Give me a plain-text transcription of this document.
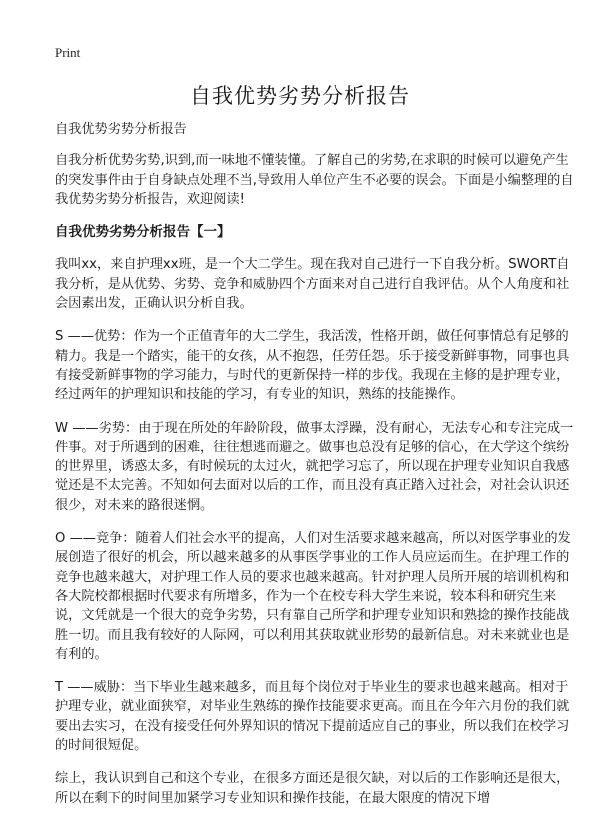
Print
自我优势劣势分析报告

自我优势劣势分析报告

自我分析优势劣势,识到,而一味地不懂装懂。了解自己的劣势,在求职的时候可以避免产生的突发事件由于自身缺点处理不当,导致用人单位产生不必要的误会。下面是小编整理的自我优势劣势分析报告，欢迎阅读!

自我优势劣势分析报告【一】

我叫xx，来自护理xx班，是一个大二学生。现在我对自己进行一下自我分析。SWORT自我分析，是从优势、劣势、竞争和威胁四个方面来对自己进行自我评估。从个人角度和社会因素出发，正确认识分析自我。

S ——优势：作为一个正值青年的大二学生，我活泼，性格开朗，做任何事情总有足够的精力。我是一个踏实，能干的女孩，从不抱怨，任劳任怨。乐于接受新鲜事物，同事也具有接受新鲜事物的学习能力，与时代的更新保持一样的步伐。我现在主修的是护理专业，经过两年的护理知识和技能的学习，有专业的知识，熟练的技能操作。

W ——劣势：由于现在所处的年龄阶段，做事太浮躁，没有耐心，无法专心和专注完成一件事。对于所遇到的困难，往往想逃而避之。做事也总没有足够的信心，在大学这个缤纷的世界里，诱惑太多，有时候玩的太过火，就把学习忘了，所以现在护理专业知识自我感觉还是不太完善。不知如何去面对以后的工作，而且没有真正踏入过社会，对社会认识还很少，对未来的路很迷惘。

O ——竞争：随着人们社会水平的提高，人们对生活要求越来越高，所以对医学事业的发展创造了很好的机会，所以越来越多的从事医学事业的工作人员应运而生。在护理工作的竞争也越来越大，对护理工作人员的要求也越来越高。针对护理人员所开展的培训机构和各大院校都根据时代要求有所增多，作为一个在校专科大学生来说，较本科和研究生来说，文凭就是一个很大的竞争劣势，只有靠自己所学和护理专业知识和熟捻的操作技能战胜一切。而且我有较好的人际网，可以利用其获取就业形势的最新信息。对未来就业也是有利的。

T ——威胁：当下毕业生越来越多，而且每个岗位对于毕业生的要求也越来越高。相对于护理专业，就业面狭窄，对毕业生熟练的操作技能要求更高。而且在今年六月份的我们就要出去实习，在没有接受任何外界知识的情况下提前适应自己的事业，所以我们在校学习的时间很短促。

综上，我认识到自己和这个专业，在很多方面还是很欠缺，对以后的工作影响还是很大，所以在剩下的时间里加紧学习专业知识和操作技能，在最大限度的情况下增
